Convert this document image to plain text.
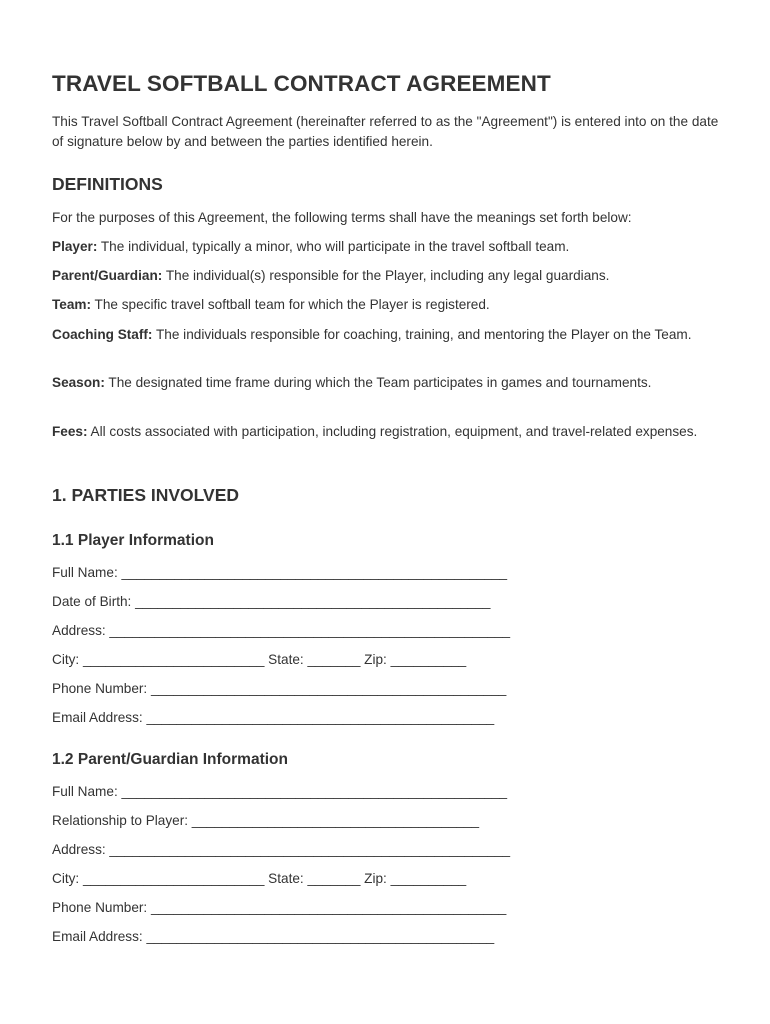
TRAVEL SOFTBALL CONTRACT AGREEMENT

This Travel Softball Contract Agreement (hereinafter referred to as the "Agreement") is entered into on the date of signature below by and between the parties identified herein.

DEFINITIONS

For the purposes of this Agreement, the following terms shall have the meanings set forth below:

Player: The individual, typically a minor, who will participate in the travel softball team.

Parent/Guardian: The individual(s) responsible for the Player, including any legal guardians.

Team: The specific travel softball team for which the Player is registered.

Coaching Staff: The individuals responsible for coaching, training, and mentoring the Player on the Team.

Season: The designated time frame during which the Team participates in games and tournaments.

Fees: All costs associated with participation, including registration, equipment, and travel-related expenses.

1. PARTIES INVOLVED
1.1 Player Information

Full Name: ___________________________________________________

Date of Birth: _______________________________________________

Address: _____________________________________________________

City: ________________________ State: _______ Zip: __________

Phone Number: _______________________________________________

Email Address: ______________________________________________

1.2 Parent/Guardian Information

Full Name: ___________________________________________________

Relationship to Player: ______________________________________

Address: _____________________________________________________

City: ________________________ State: _______ Zip: __________

Phone Number: _______________________________________________

Email Address: ______________________________________________
